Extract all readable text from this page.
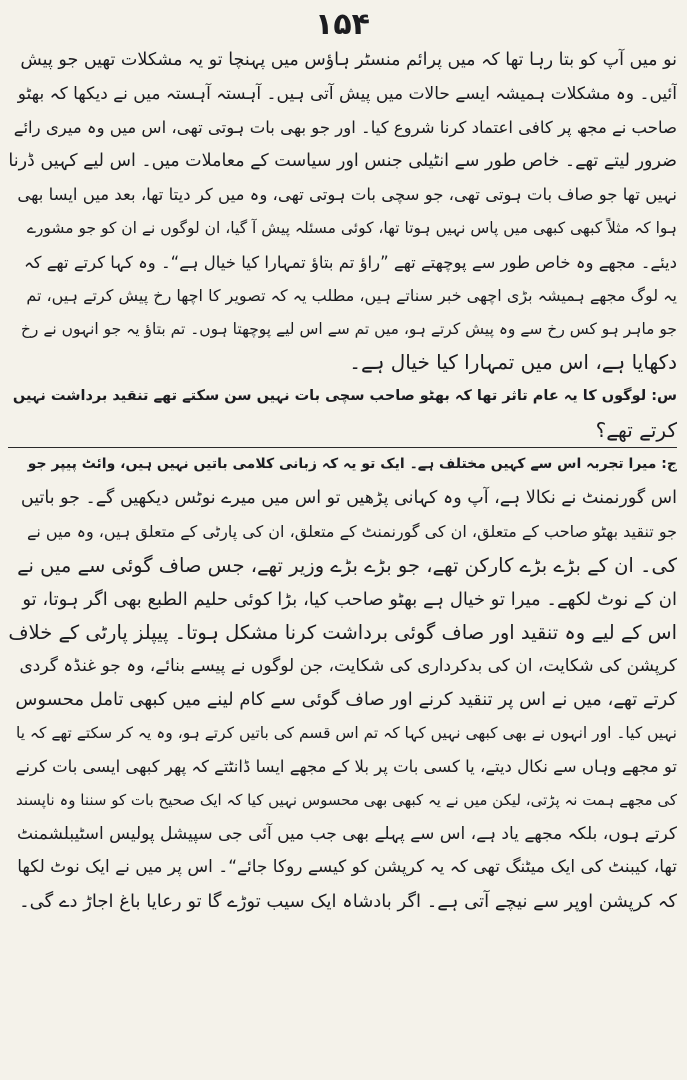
۱۵۴
نو میں آپ کو بتا رہا تھا کہ میں پرائم منسٹر ہاؤس میں پہنچا تو یہ مشکلات تھیں جو پیش
آئیں۔ وہ مشکلات ہمیشہ ایسے حالات میں پیش آتی ہیں۔ آہستہ آہستہ میں نے دیکھا کہ بھٹو
صاحب نے مجھ پر کافی اعتماد کرنا شروع کیا۔ اور جو بھی بات ہوتی تھی، اس میں وہ میری رائے
ضرور لیتے تھے۔ خاص طور سے انٹیلی جنس اور سیاست کے معاملات میں۔ اس لیے کہیں ڈرنا
نہیں تھا جو صاف بات ہوتی تھی، جو سچی بات ہوتی تھی، وہ میں کر دیتا تھا، بعد میں ایسا بھی
ہوا کہ مثلاً کبھی کبھی میں پاس نہیں ہوتا تھا، کوئی مسئلہ پیش آ گیا، ان لوگوں نے ان کو جو مشورے
دیئے۔ مجھے وہ خاص طور سے پوچھتے تھے ”راؤ تم بتاؤ تمہارا کیا خیال ہے“۔ وہ کہا کرتے تھے کہ
یہ لوگ مجھے ہمیشہ بڑی اچھی خبر سناتے ہیں، مطلب یہ کہ تصویر کا اچھا رخ پیش کرتے ہیں، تم
جو ماہر ہو کس رخ سے وہ پیش کرتے ہو، میں تم سے اس لیے پوچھتا ہوں۔ تم بتاؤ یہ جو انہوں نے رخ
دکھایا ہے، اس میں تمہارا کیا خیال ہے۔
س: لوگوں کا یہ عام تاثر تھا کہ بھٹو صاحب سچی بات نہیں سن سکتے تھے تنقید برداشت نہیں
کرتے تھے؟
ج: میرا تجربہ اس سے کہیں مختلف ہے۔ ایک تو یہ کہ زبانی کلامی باتیں نہیں ہیں، وائٹ پیپر جو
اس گورنمنٹ نے نکالا ہے، آپ وہ کہانی پڑھیں تو اس میں میرے نوٹس دیکھیں گے۔ جو باتیں
جو تنقید بھٹو صاحب کے متعلق، ان کی گورنمنٹ کے متعلق، ان کی پارٹی کے متعلق ہیں، وہ میں نے
کی۔ ان کے بڑے بڑے کارکن تھے، جو بڑے بڑے وزیر تھے، جس صاف گوئی سے میں نے
ان کے نوٹ لکھے۔ میرا تو خیال ہے بھٹو صاحب کیا، بڑا کوئی حلیم الطبع بھی اگر ہوتا، تو
اس کے لیے وہ تنقید اور صاف گوئی برداشت کرنا مشکل ہوتا۔ پیپلز پارٹی کے خلاف
کرپشن کی شکایت، ان کی بدکرداری کی شکایت، جن لوگوں نے پیسے بنائے، وہ جو غنڈہ گردی
کرتے تھے، میں نے اس پر تنقید کرنے اور صاف گوئی سے کام لینے میں کبھی تامل محسوس
نہیں کیا۔ اور انہوں نے بھی کبھی نہیں کہا کہ تم اس قسم کی باتیں کرتے ہو، وہ یہ کر سکتے تھے کہ یا
تو مجھے وہاں سے نکال دیتے، یا کسی بات پر بلا کے مجھے ایسا ڈانٹتے کہ پھر کبھی ایسی بات کرنے
کی مجھے ہمت نہ پڑتی، لیکن میں نے یہ کبھی بھی محسوس نہیں کیا کہ ایک صحیح بات کو سننا وہ ناپسند
کرتے ہوں، بلکہ مجھے یاد ہے، اس سے پہلے بھی جب میں آئی جی سپیشل پولیس اسٹیبلشمنٹ
تھا، کیبنٹ کی ایک میٹنگ تھی کہ یہ کرپشن کو کیسے روکا جائے“۔ اس پر میں نے ایک نوٹ لکھا
کہ کرپشن اوپر سے نیچے آتی ہے۔ اگر بادشاہ ایک سیب توڑے گا تو رعایا باغ اجاڑ دے گی۔
